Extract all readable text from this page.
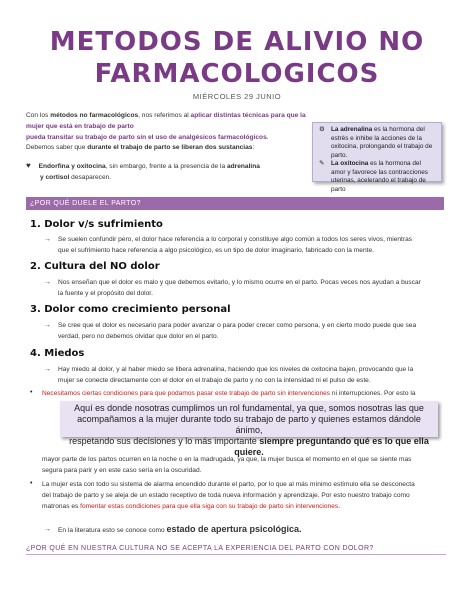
METODOS DE ALIVIO NO
FARMACOLOGICOS
MIÉRCOLES 29 JUNIO
Con los métodos no farmacológicos, nos referimos al aplicar distintas técnicas para que la mujer que está en trabajo de parto
pueda transitar su trabajo de parto sin el uso de analgésicos farmacológicos.
Debemos saber que durante el trabajo de parto se liberan dos sustancias:
♥ Endorfina y oxitocina, sin embargo, frente a la presencia de la adrenalina
y cortisol desaparecen.
⚙ La adrenalina es la hormona del estrés e inhibe la acciones de la oxitocina, prolongando el trabajo de parto.
✎	La oxitocina es la hormona del amor y favorece las contracciones uterinas, acelerando el trabajo de parto
¿POR QUÉ DUELE EL PARTO?
1. Dolor v/s sufrimiento
→ Se suelen confundir pero, el dolor hace referencia a lo corporal y constituye algo común a todos los seres vivos, mientras
que el sufrimiento hace referencia a algo psicológico, es un tipo de dolor imaginario, fabricado con la mente.
2. Cultura del NO dolor
→ Nos enseñan que el dolor es malo y que debemos evitarlo, y lo mismo ocurre en el parto. Pocas veces nos ayudan a buscar
la fuente y el propósito del dolor.
3. Dolor como crecimiento personal
→ Se cree que el dolor es necesario para poder avanzar o para poder crecer como persona, y en cierto modo puede que sea
verdad, pero no debemos olvidar que dolor en el parto.
4. Miedos
→ Hay miedo al dolor, y al haber miedo se libera adrenalina, haciendo que los niveles de oxitocina bajen, provocando que la
mujer se conecte directamente con el dolor en el trabajo de parto y no con la intensidad ni el pulso de este.
• Necesitamos ciertas condiciones para que podamos pasar este trabajo de parto sin intervenciones ni interrupciones. Por esto la
Aquí es donde nosotras cumplimos un rol fundamental, ya que, somos nosotras las que
acompañamos a la mujer durante todo su trabajo de parto y quienes estamos dándole ánimo,
respetando sus decisiones y lo más importante siempre preguntando qué es lo que ella
quiere.
mayor parte de los partos ocurren en la noche o en la madrugada, ya que, la mujer busca el momento en el que se siente mas
segura para parir y en este caso sería en la oscuridad.
• La mujer esta con todo su sistema de alarma encendido durante el parto, por lo que al más mínimo estímulo ella se desconecta
del trabajo de parto y se aleja de un estado receptivo de toda nueva información y aprendizaje. Por esto nuestro trabajo como
matronas es fomentar estas condiciones para que ella siga con su trabajo de parto sin intervenciones.
→ En la literatura esto se conoce como estado de apertura psicológica.
¿POR QUÉ EN NUESTRA CULTURA NO SE ACEPTA LA EXPERIENCIA DEL PARTO CON DOLOR?
